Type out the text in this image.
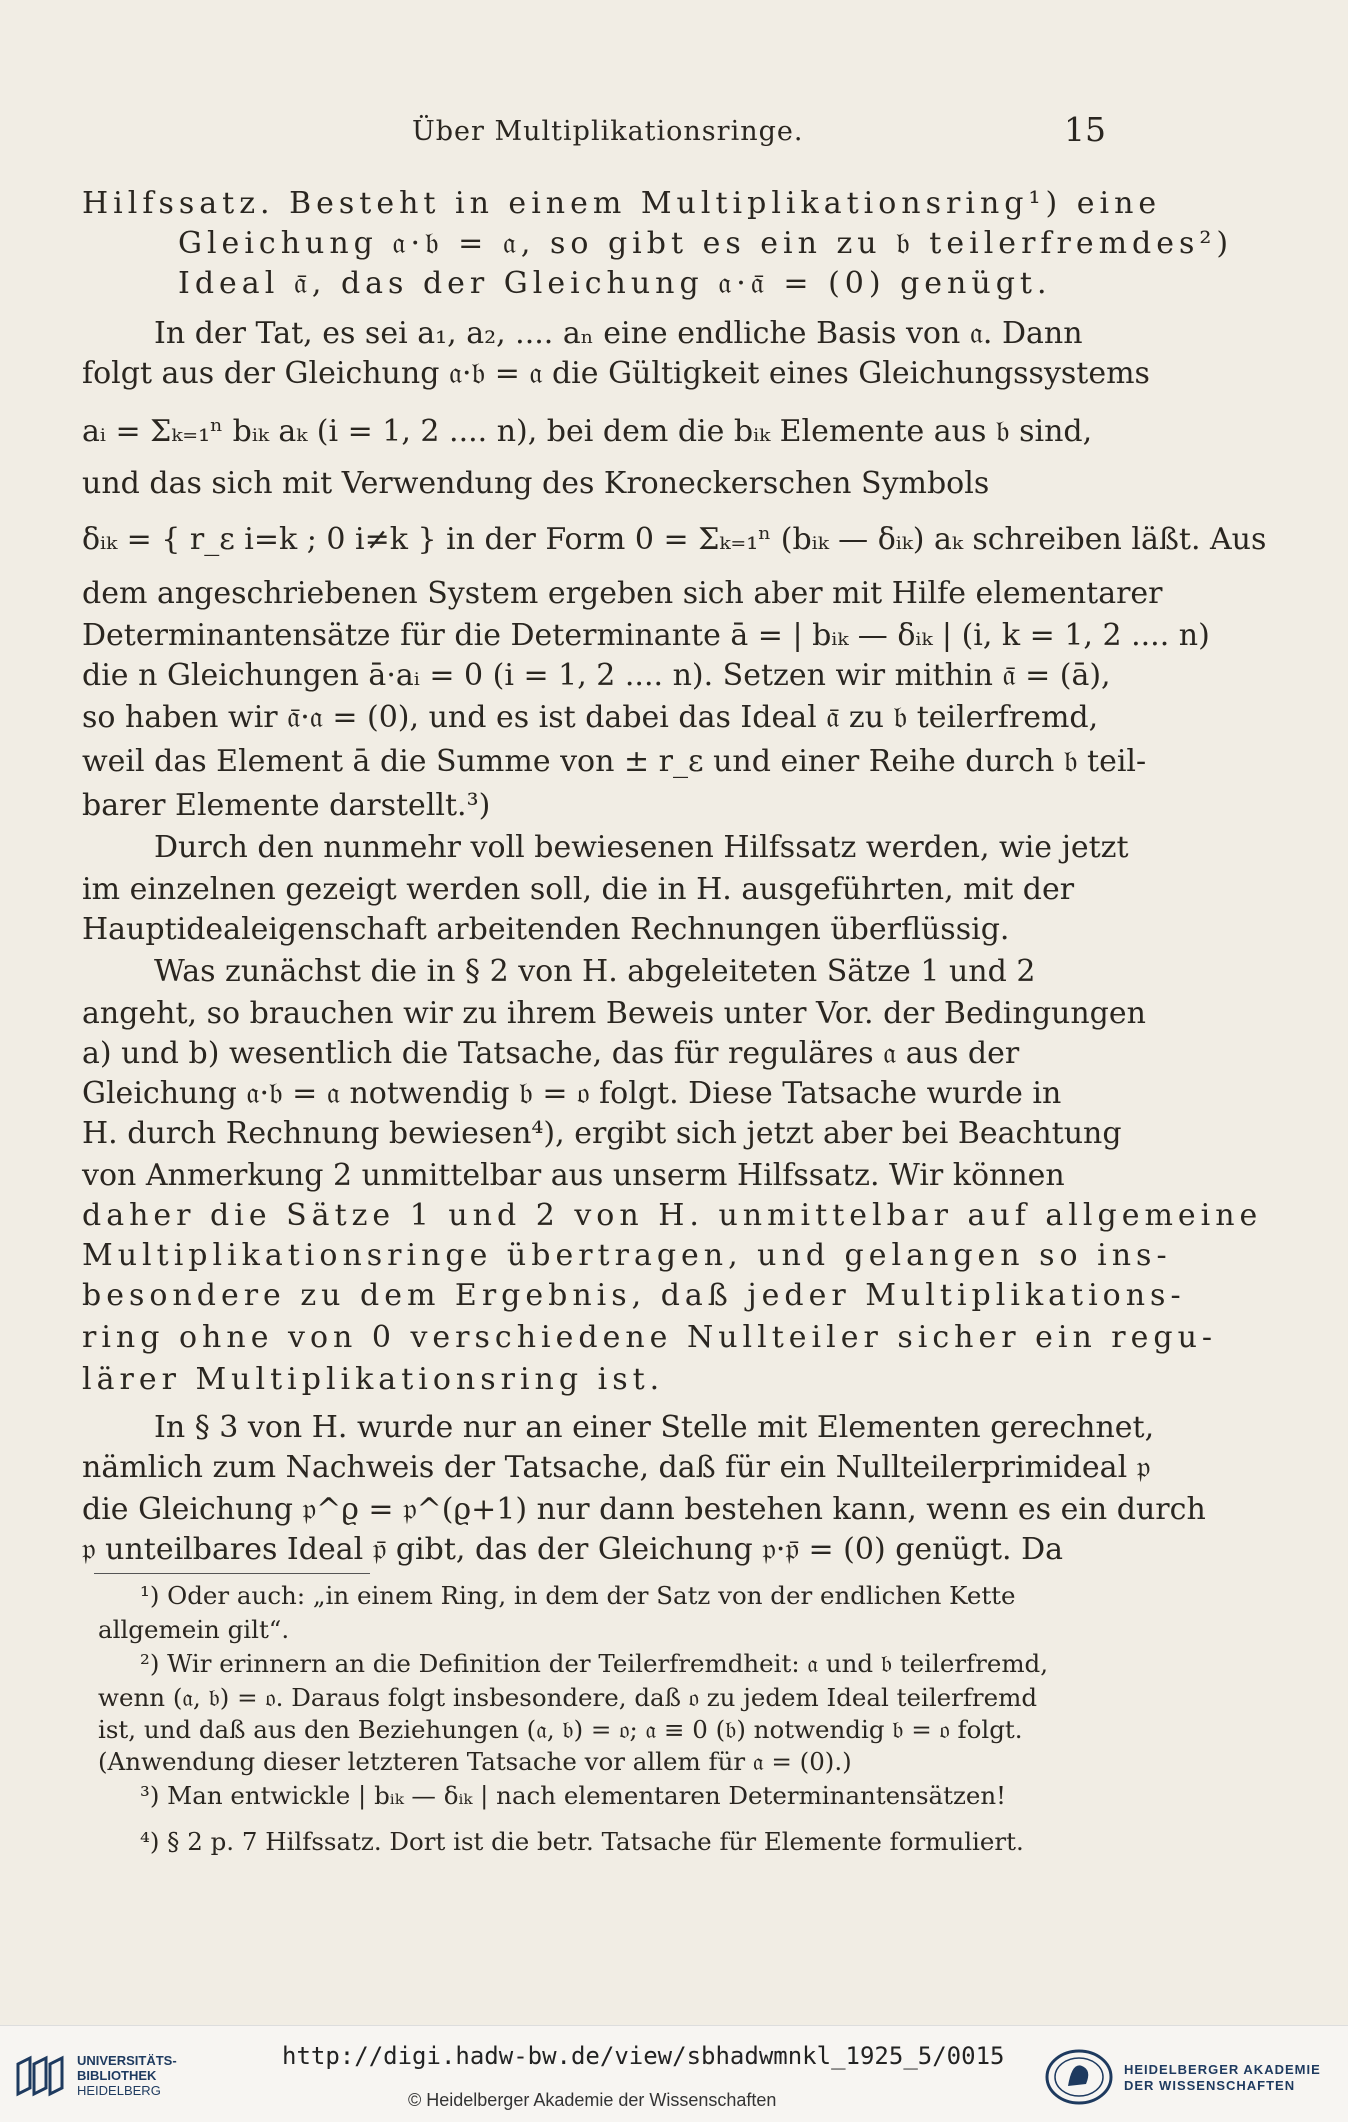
Über Multiplikationsringe.	15
Hilfssatz. Besteht in einem Multiplikationsring¹) eine
Gleichung 𝔞·𝔟 = 𝔞, so gibt es ein zu 𝔟 teilerfremdes²)
Ideal 𝔞̄, das der Gleichung 𝔞·𝔞̄ = (0) genügt.
In der Tat, es sei a₁, a₂, .... aₙ eine endliche Basis von 𝔞. Dann
folgt aus der Gleichung 𝔞·𝔟 = 𝔞 die Gültigkeit eines Gleichungssystems
aᵢ = Σₖ₌₁ⁿ bᵢₖ aₖ (i = 1, 2 .... n), bei dem die bᵢₖ Elemente aus 𝔟 sind,
und das sich mit Verwendung des Kroneckerschen Symbols
δᵢₖ = { r_ε i=k ; 0 i≠k } in der Form 0 = Σₖ₌₁ⁿ (bᵢₖ — δᵢₖ) aₖ schreiben läßt. Aus
dem angeschriebenen System ergeben sich aber mit Hilfe elementarer
Determinantensätze für die Determinante ā = | bᵢₖ — δᵢₖ | (i, k = 1, 2 .... n)
die n Gleichungen ā·aᵢ = 0 (i = 1, 2 .... n). Setzen wir mithin 𝔞̄ = (ā),
so haben wir 𝔞̄·𝔞 = (0), und es ist dabei das Ideal 𝔞̄ zu 𝔟 teilerfremd,
weil das Element ā die Summe von ± r_ε und einer Reihe durch 𝔟 teil-
barer Elemente darstellt.³)
Durch den nunmehr voll bewiesenen Hilfssatz werden, wie jetzt
im einzelnen gezeigt werden soll, die in H. ausgeführten, mit der
Hauptidealeigenschaft arbeitenden Rechnungen überflüssig.
Was zunächst die in § 2 von H. abgeleiteten Sätze 1 und 2
angeht, so brauchen wir zu ihrem Beweis unter Vor. der Bedingungen
a) und b) wesentlich die Tatsache, das für reguläres 𝔞 aus der
Gleichung 𝔞·𝔟 = 𝔞 notwendig 𝔟 = 𝔬 folgt. Diese Tatsache wurde in
H. durch Rechnung bewiesen⁴), ergibt sich jetzt aber bei Beachtung
von Anmerkung 2 unmittelbar aus unserm Hilfssatz. Wir können
daher die Sätze 1 und 2 von H. unmittelbar auf allgemeine
Multiplikationsringe übertragen, und gelangen so ins-
besondere zu dem Ergebnis, daß jeder Multiplikations-
ring ohne von 0 verschiedene Nullteiler sicher ein regu-
lärer Multiplikationsring ist.
In § 3 von H. wurde nur an einer Stelle mit Elementen gerechnet,
nämlich zum Nachweis der Tatsache, daß für ein Nullteilerprimideal 𝔭
die Gleichung 𝔭^ϱ = 𝔭^(ϱ+1) nur dann bestehen kann, wenn es ein durch
𝔭 unteilbares Ideal 𝔭̄ gibt, das der Gleichung 𝔭·𝔭̄ = (0) genügt. Da
¹) Oder auch: „in einem Ring, in dem der Satz von der endlichen Kette
allgemein gilt“.
²) Wir erinnern an die Definition der Teilerfremdheit: 𝔞 und 𝔟 teilerfremd,
wenn (𝔞, 𝔟) = 𝔬. Daraus folgt insbesondere, daß 𝔬 zu jedem Ideal teilerfremd
ist, und daß aus den Beziehungen (𝔞, 𝔟) = 𝔬; 𝔞 ≡ 0 (𝔟) notwendig 𝔟 = 𝔬 folgt.
(Anwendung dieser letzteren Tatsache vor allem für 𝔞 = (0).)
³) Man entwickle | bᵢₖ — δᵢₖ | nach elementaren Determinantensätzen!
⁴) § 2 p. 7 Hilfssatz. Dort ist die betr. Tatsache für Elemente formuliert.
UNIVERSITÄTS-
BIBLIOTHEK
HEIDELBERG
http://digi.hadw-bw.de/view/sbhadwmnkl_1925_5/0015
© Heidelberger Akademie der Wissenschaften
HEIDELBERGER AKADEMIE
DER WISSENSCHAFTEN
